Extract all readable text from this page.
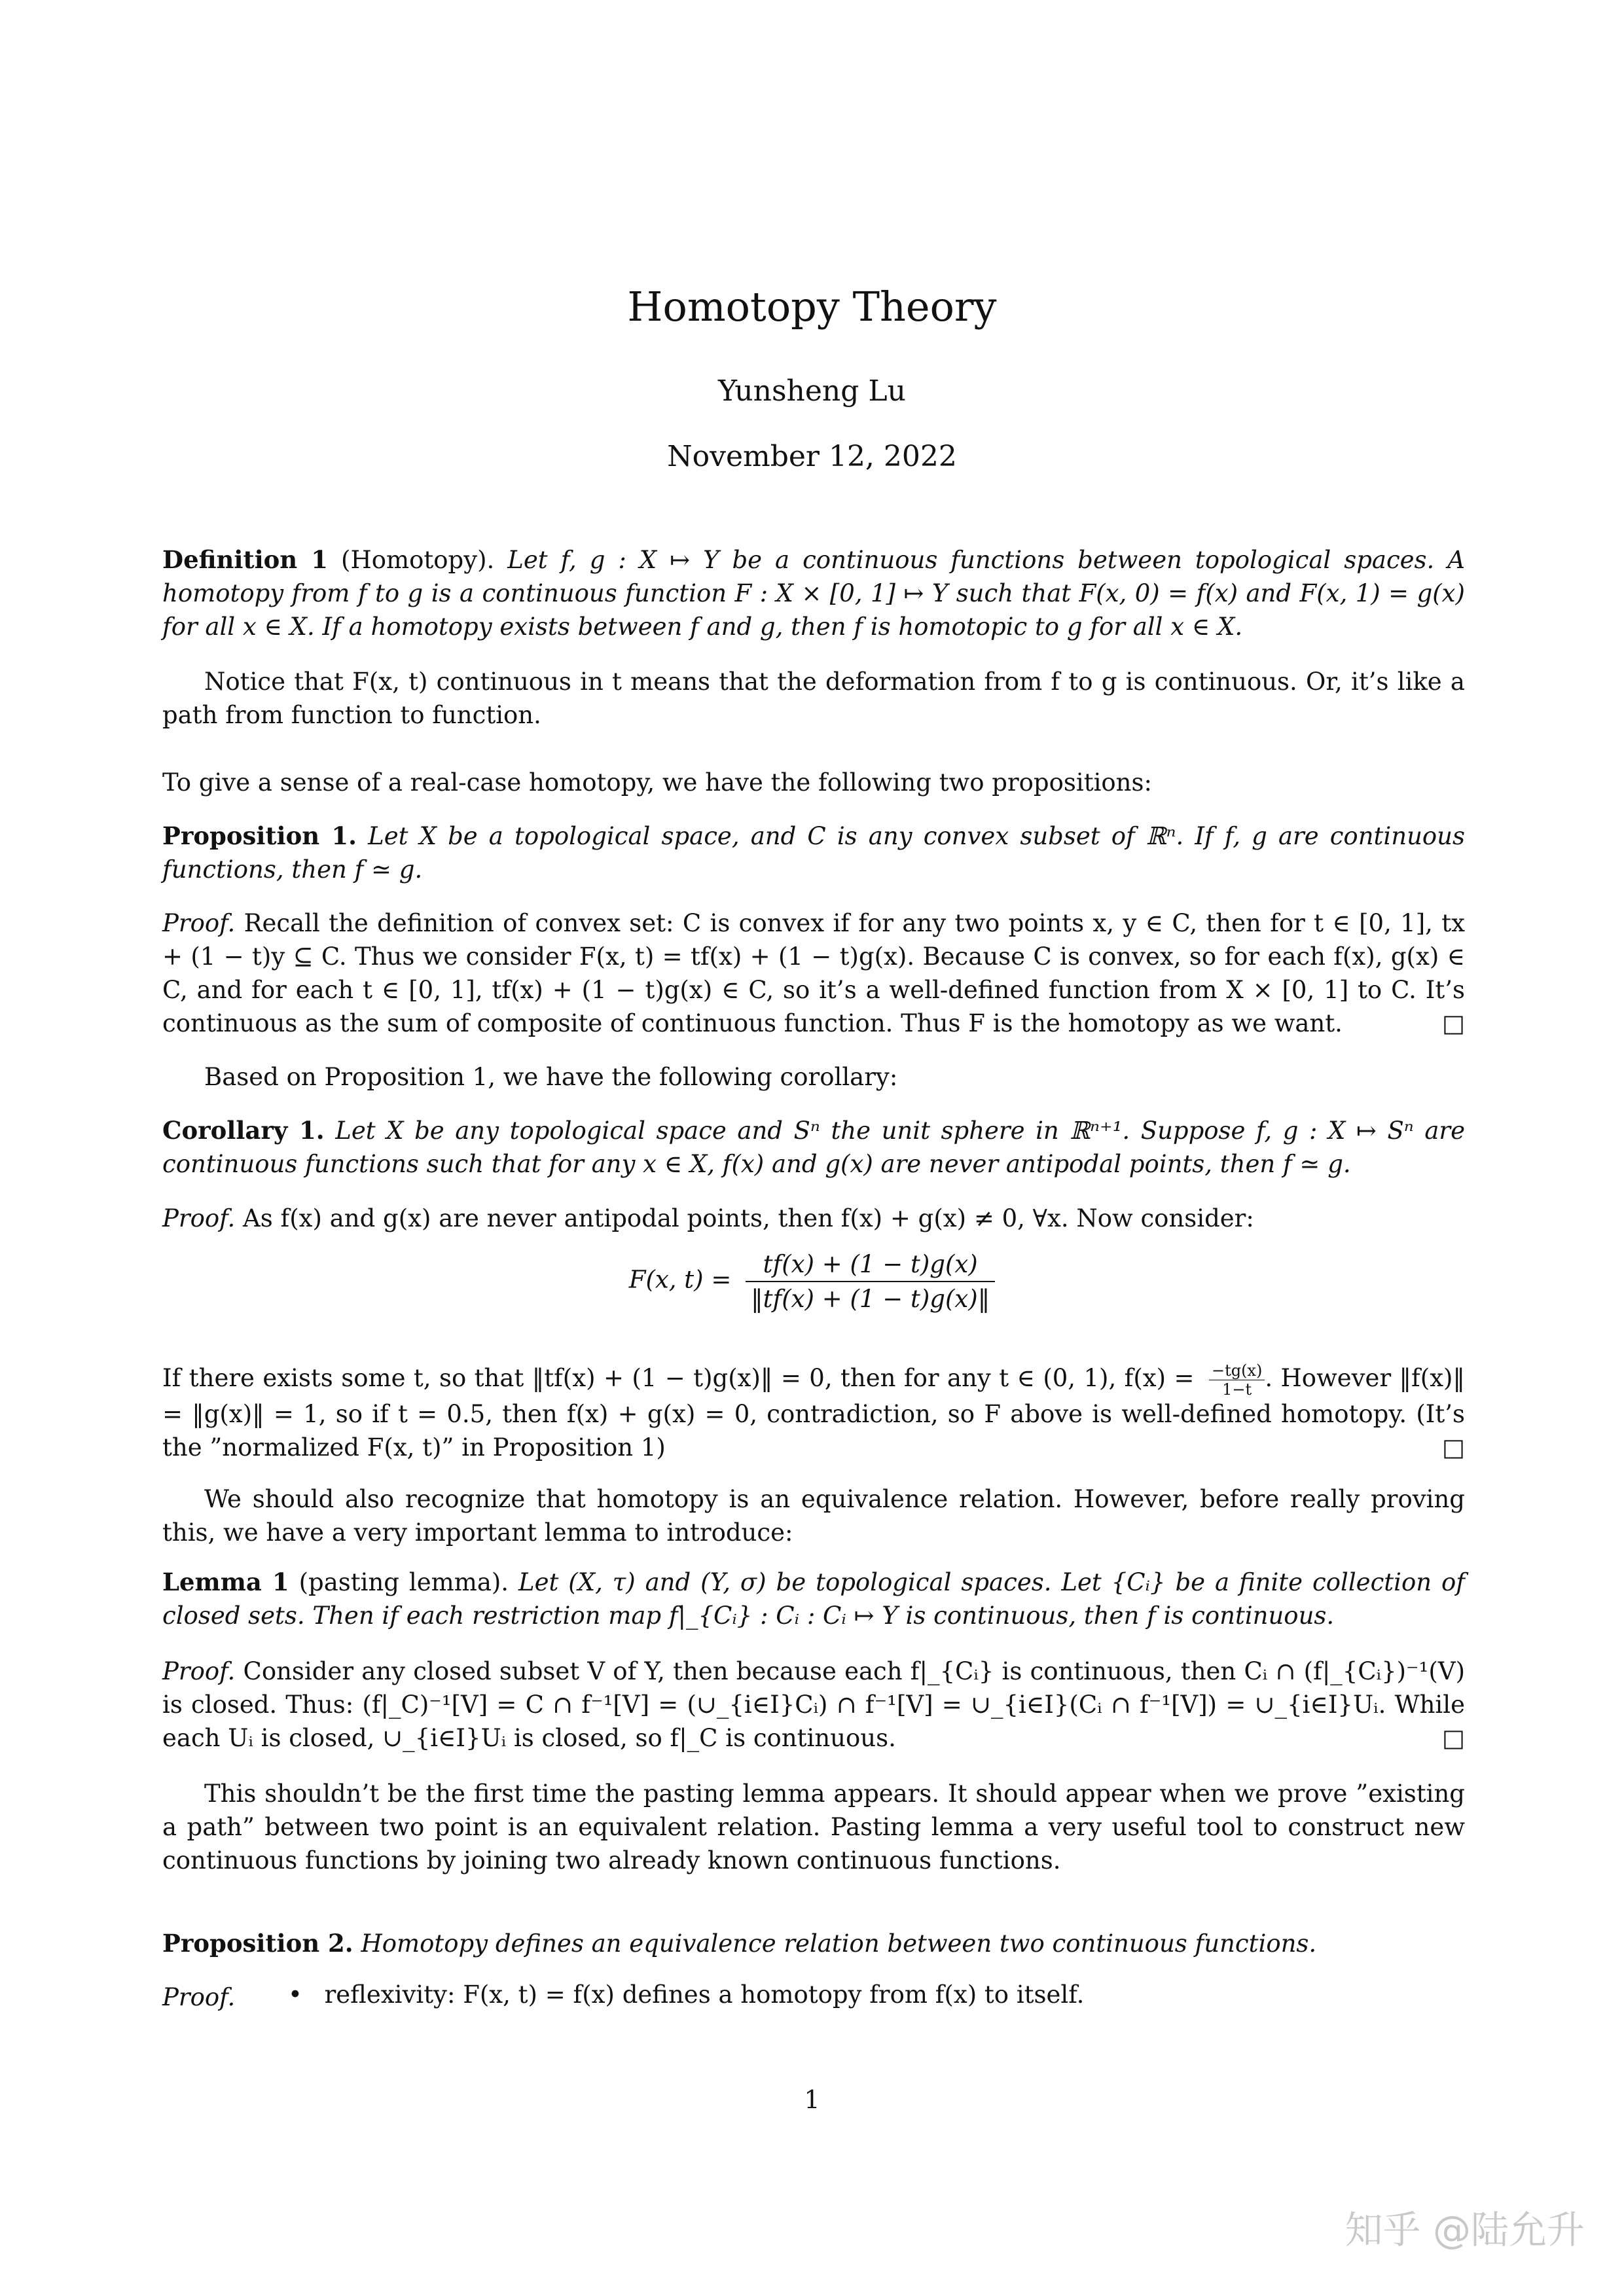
Homotopy Theory
Yunsheng Lu
November 12, 2022
Definition 1 (Homotopy). Let f, g : X ↦ Y be a continuous functions between topological spaces. A homotopy from f to g is a continuous function F : X × [0, 1] ↦ Y such that F(x, 0) = f(x) and F(x, 1) = g(x) for all x ∈ X. If a homotopy exists between f and g, then f is homotopic to g for all x ∈ X.
Notice that F(x, t) continuous in t means that the deformation from f to g is continuous. Or, it’s like a path from function to function.
To give a sense of a real-case homotopy, we have the following two propositions:
Proposition 1. Let X be a topological space, and C is any convex subset of ℝⁿ. If f, g are continuous functions, then f ≃ g.
Proof. Recall the definition of convex set: C is convex if for any two points x, y ∈ C, then for t ∈ [0, 1], tx + (1 − t)y ⊆ C. Thus we consider F(x, t) = tf(x) + (1 − t)g(x). Because C is convex, so for each f(x), g(x) ∈ C, and for each t ∈ [0, 1], tf(x) + (1 − t)g(x) ∈ C, so it’s a well-defined function from X × [0, 1] to C. It’s continuous as the sum of composite of continuous function. Thus F is the homotopy as we want.	□
Based on Proposition 1, we have the following corollary:
Corollary 1. Let X be any topological space and Sⁿ the unit sphere in ℝⁿ⁺¹. Suppose f, g : X ↦ Sⁿ are continuous functions such that for any x ∈ X, f(x) and g(x) are never antipodal points, then f ≃ g.
Proof. As f(x) and g(x) are never antipodal points, then f(x) + g(x) ≠ 0, ∀x. Now consider:
F(x, $t) = \frac{tf(x) + (1 - t)g(x)}{‖tf(x) + (1 - t)g(x)‖}$
If there exists some t, so that ‖tf(x) + (1 − t)g(x)‖ = 0, then for any t ∈ (0, 1), $f(x) = \frac{-tg(x)}{1-t}$ . However ‖f(x)‖ = ‖g(x)‖ = 1, so if t = 0.5, then f(x) + g(x) = 0, contradiction, so F above is well-defined homotopy. (It’s the ”normalized F(x, t)” in Proposition 1)	□
We should also recognize that homotopy is an equivalence relation. However, before really proving this, we have a very important lemma to introduce:
Lemma 1 (pasting lemma). Let (X, τ) and (Y, σ) be topological spaces. Let {Cᵢ} be a finite collection of closed sets. Then if each restriction map f|_{Cᵢ} : Cᵢ : Cᵢ ↦ Y is continuous, then f is continuous.
Proof. Consider any closed subset V of Y, then because each f|_{Cᵢ} is continuous, then Cᵢ ∩ (f|_{Cᵢ})⁻¹(V) is closed. Thus: (f|_C)⁻¹[V] = C ∩ f⁻¹[V] = (∪_{i∈I}Cᵢ) ∩ f⁻¹[V] = ∪_{i∈I}(Cᵢ ∩ f⁻¹[V]) = ∪_{i∈I}Uᵢ. While each Uᵢ is closed, ∪_{i∈I}Uᵢ is closed, so f|_C is continuous.	□
This shouldn’t be the first time the pasting lemma appears. It should appear when we prove ”existing a path” between two point is an equivalent relation. Pasting lemma a very useful tool to construct new continuous functions by joining two already known continuous functions.
Proposition 2. Homotopy defines an equivalence relation between two continuous functions.
Proof.	• reflexivity: F(x, t) = f(x) defines a homotopy from f(x) to itself.
1
知乎 @陆允升
